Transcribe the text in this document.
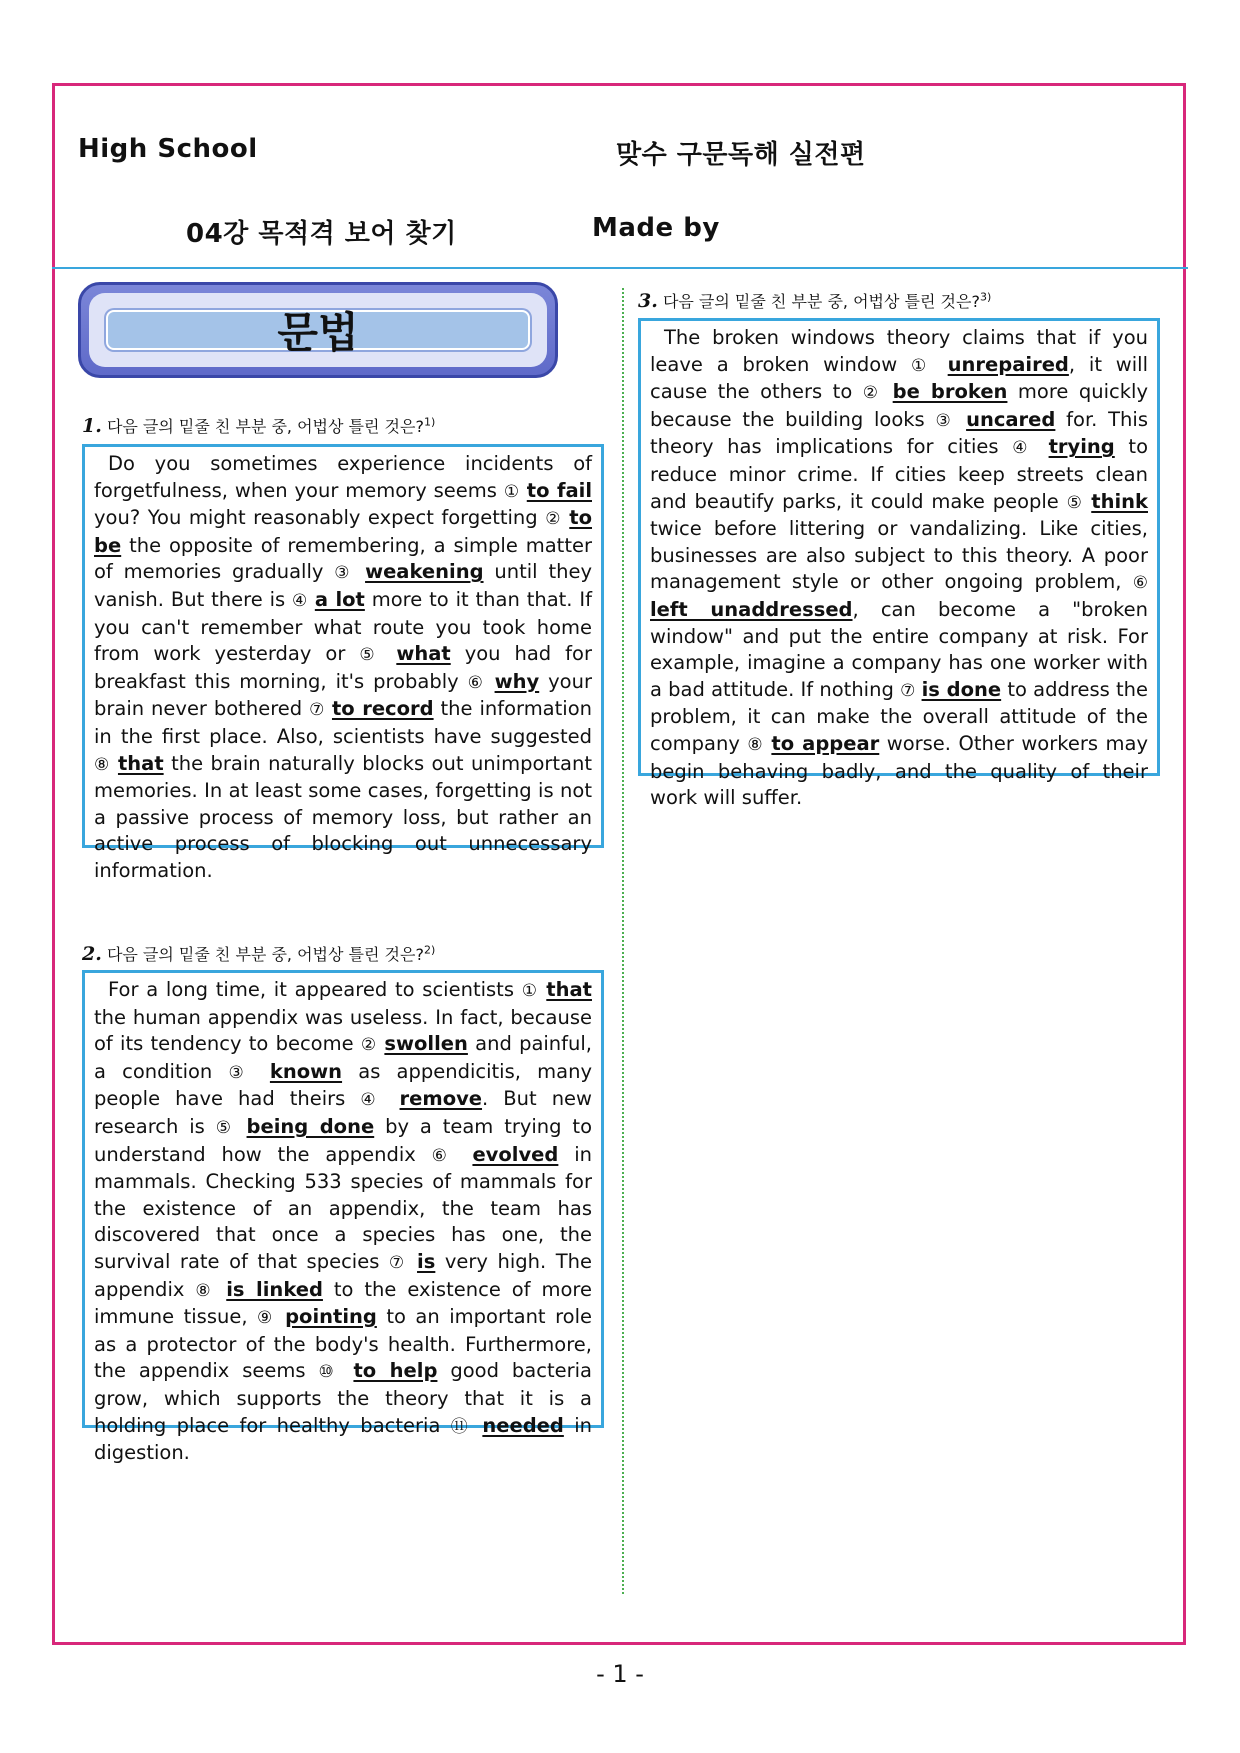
High School	맞수 구문독해 실전편
04강 목적격 보어 찾기	Made by
문법
1. 다음 글의 밑줄 친 부분 중, 어법상 틀린 것은?$^{1)}$

Do you sometimes experience incidents of forgetfulness, when your memory seems ① to fail you? You might reasonably expect forgetting ② to be the opposite of remembering, a simple matter of memories gradually ③ weakening until they vanish. But there is ④ a lot more to it than that. If you can't remember what route you took home from work yesterday or ⑤ what you had for breakfast this morning, it's probably ⑥ why your brain never bothered ⑦ to record the information in the first place. Also, scientists have suggested ⑧ that the brain naturally blocks out unimportant memories. In at least some cases, forgetting is not a passive process of memory loss, but rather an active process of blocking out unnecessary information.

2. 다음 글의 밑줄 친 부분 중, 어법상 틀린 것은?$^{2)}$

For a long time, it appeared to scientists ① that the human appendix was useless. In fact, because of its tendency to become ② swollen and painful, a condition ③ known as appendicitis, many people have had theirs ④ remove. But new research is ⑤ being done by a team trying to understand how the appendix ⑥ evolved in mammals. Checking 533 species of mammals for the existence of an appendix, the team has discovered that once a species has one, the survival rate of that species ⑦ is very high. The appendix ⑧ is linked to the existence of more immune tissue, ⑨ pointing to an important role as a protector of the body's health. Furthermore, the appendix seems ⑩ to help good bacteria grow, which supports the theory that it is a holding place for healthy bacteria ⑪ needed in digestion.

3. 다음 글의 밑줄 친 부분 중, 어법상 틀린 것은?$^{3)}$

The broken windows theory claims that if you leave a broken window ① unrepaired, it will cause the others to ② be broken more quickly because the building looks ③ uncared for. This theory has implications for cities ④ trying to reduce minor crime. If cities keep streets clean and beautify parks, it could make people ⑤ think twice before littering or vandalizing. Like cities, businesses are also subject to this theory. A poor management style or other ongoing problem, ⑥ left unaddressed, can become a "broken window" and put the entire company at risk. For example, imagine a company has one worker with a bad attitude. If nothing ⑦ is done to address the problem, it can make the overall attitude of the company ⑧ to appear worse. Other workers may begin behaving badly, and the quality of their work will suffer.

- 1 -
